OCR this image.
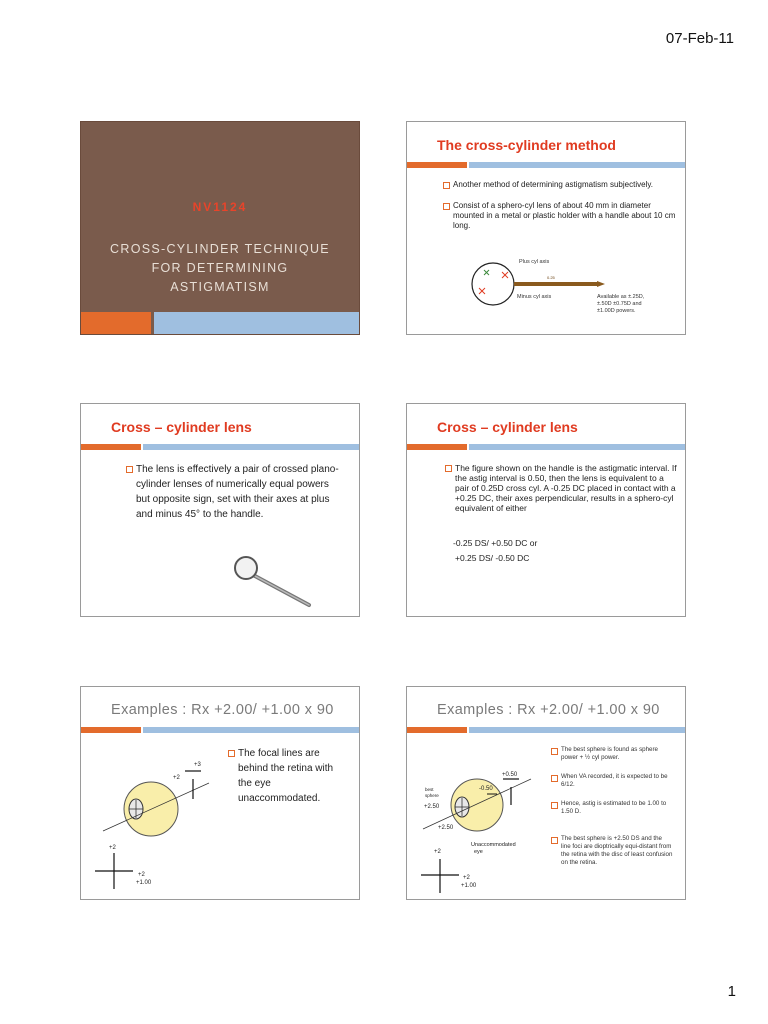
07-Feb-11
NV1124
CROSS-CYLINDER TECHNIQUE
FOR DETERMINING
ASTIGMATISM
The cross-cylinder method
Another method of determining astigmatism subjectively.
Consist of a sphero-cyl lens of about 40 mm in diameter mounted in a metal or plastic holder with a handle about 10 cm long.
Plus cyl axis
Minus cyl axis
0.25
Available as ±.25D,
±.50D ±0.75D and
±1.00D powers.
Cross – cylinder lens
The lens is effectively a pair of crossed plano-cylinder lenses of numerically equal powers but opposite sign, set with their axes at plus and minus 45° to the handle.
Cross – cylinder lens
The figure shown on the handle is the astigmatic interval. If the astig interval is 0.50, then the lens is equivalent to a pair of 0.25D cross cyl. A -0.25 DC placed in contact with a +0.25 DC, their axes perpendicular, results in a sphero-cyl equivalent of either
-0.25 DS/ +0.50 DC or
+0.25 DS/ -0.50 DC
Examples : Rx +2.00/ +1.00 x 90
The focal lines are behind the retina with the eye unaccommodated.
+3
+2
+2
+2
+1.00
Examples : Rx +2.00/ +1.00 x 90
The best sphere is found as sphere power + ½ cyl power.
When VA recorded, it is expected to be 6/12.
Hence, astig is estimated to be 1.00 to 1.50 D.
The best sphere is +2.50 DS and the line foci are dioptrically equi-distant from the retina with the disc of least confusion on the retina.
+0.50
-0.50
best
sphere
+2.50
+2.50
Unaccommodated
eye
+2
+2
+1.00
1
